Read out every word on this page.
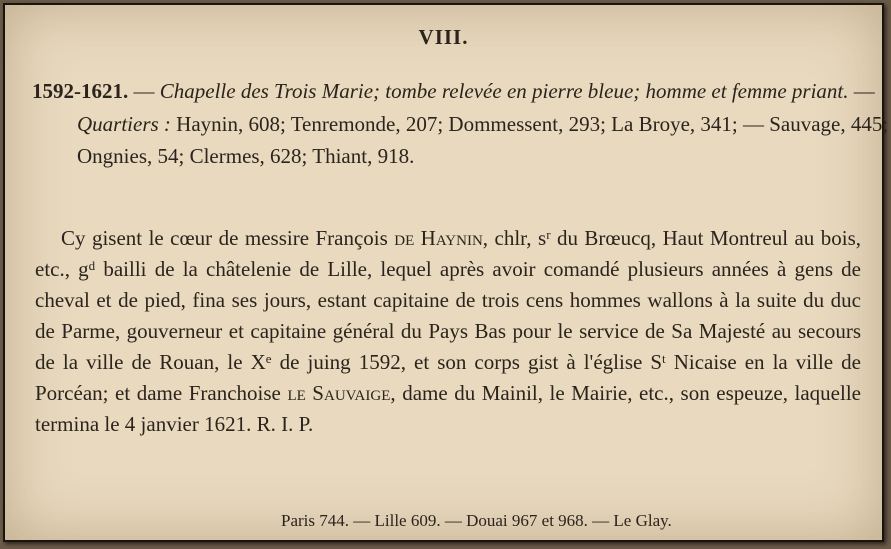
VIII.

1592-1621. — Chapelle des Trois Marie; tombe relevée en pierre bleue; homme et femme priant. — Quartiers : Haynin, 608; Tenremonde, 207; Dommessent, 293; La Broye, 341; — Sauvage, 445; Ongnies, 54; Clermes, 628; Thiant, 918.

Cy gisent le cœur de messire François de Haynin, chlr, $s^r$ du Brœucq, Haut Montreul au bois, etc., $g^d$ bailli de la châtelenie de Lille, lequel après avoir comandé plusieurs années à gens de cheval et de pied, fina ses jours, estant capitaine de trois cens hommes wallons à la suite du duc de Parme, gouverneur et capitaine général du Pays Bas pour le service de Sa Majesté au secours de la ville de Rouan, le Xe de juing 1592, et son corps gist à l'église $S^t$ Nicaise en la ville de Porcéan; et dame Franchoise le Sauvaige, dame du Mainil, le Mairie, etc., son espeuze, laquelle termina le 4 janvier 1621. R. I. P.

Paris 744. — Lille 609. — Douai 967 et 968. — Le Glay.
